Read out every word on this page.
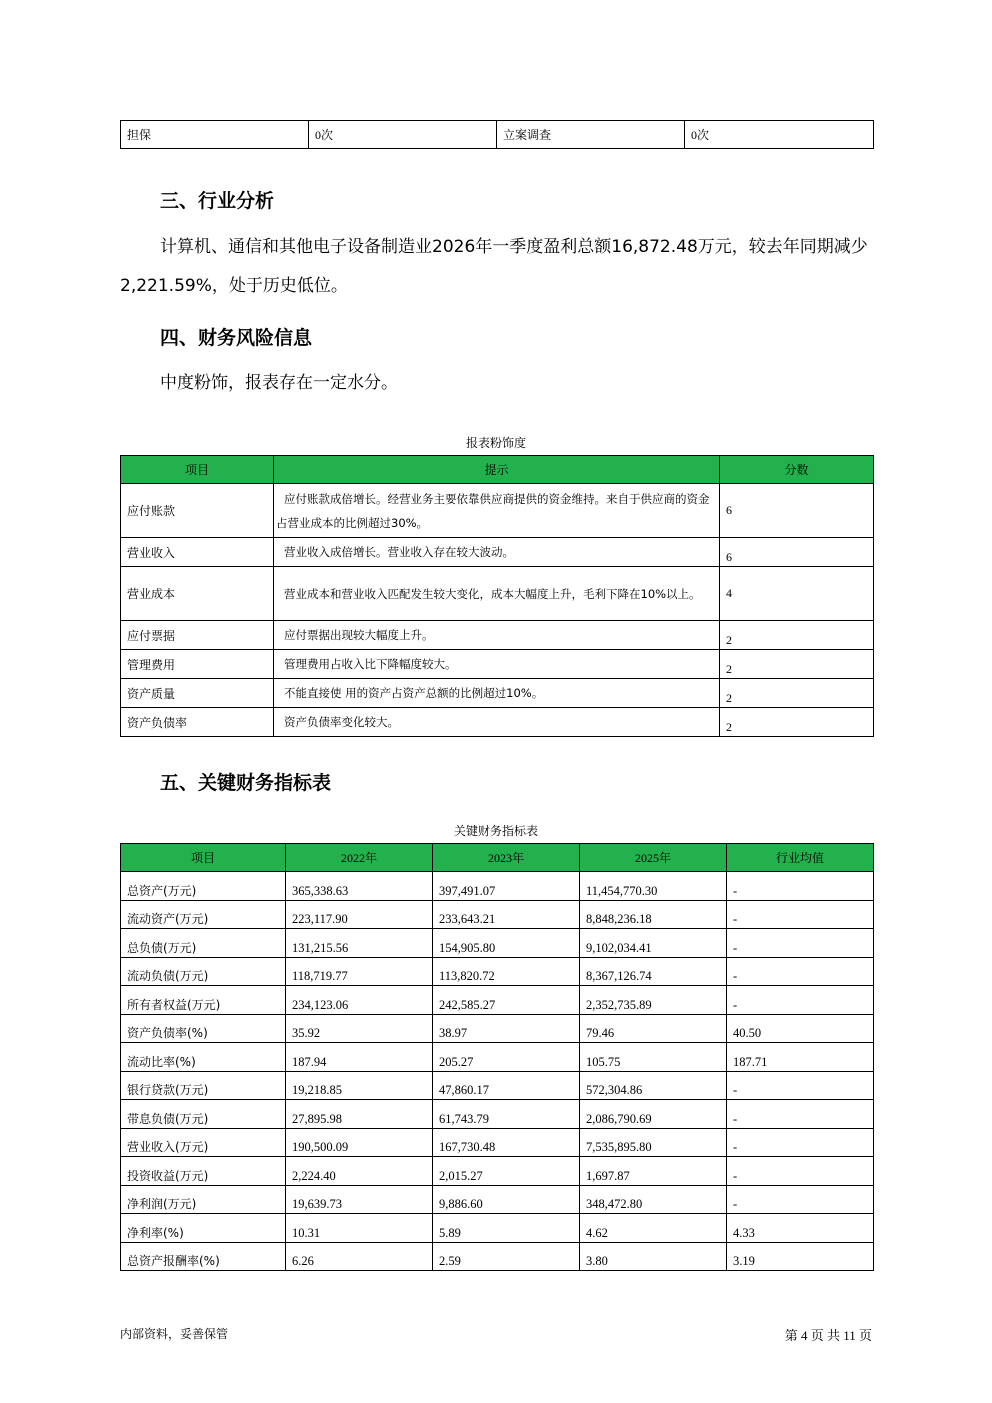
担保	0次	立案调查	0次
三、行业分析

计算机、通信和其他电子设备制造业2026年一季度盈利总额16,872.48万元，较去年同期减少2,221.59%，处于历史低位。

四、财务风险信息

中度粉饰，报表存在一定水分。

报表粉饰度
项目	提示	分数
应付账款	应付账款成倍增长。经营业务主要依靠供应商提供的资金维持。来自于供应商的资金占营业成本的比例超过30%。	6
营业收入	营业收入成倍增长。营业收入存在较大波动。	6
营业成本	营业成本和营业收入匹配发生较大变化，成本大幅度上升，毛利下降在10%以上。	4
应付票据	应付票据出现较大幅度上升。	2
管理费用	管理费用占收入比下降幅度较大。	2
资产质量	不能直接使 用的资产占资产总额的比例超过10%。	2
资产负债率	资产负债率变化较大。	2
五、关键财务指标表
关键财务指标表
项目	2022年	2023年	2025年	行业均值
总资产(万元)	365,338.63	397,491.07	11,454,770.30	-
流动资产(万元)	223,117.90	233,643.21	8,848,236.18	-
总负债(万元)	131,215.56	154,905.80	9,102,034.41	-
流动负债(万元)	118,719.77	113,820.72	8,367,126.74	-
所有者权益(万元)	234,123.06	242,585.27	2,352,735.89	-
资产负债率(%)	35.92	38.97	79.46	40.50
流动比率(%)	187.94	205.27	105.75	187.71
银行贷款(万元)	19,218.85	47,860.17	572,304.86	-
带息负债(万元)	27,895.98	61,743.79	2,086,790.69	-
营业收入(万元)	190,500.09	167,730.48	7,535,895.80	-
投资收益(万元)	2,224.40	2,015.27	1,697.87	-
净利润(万元)	19,639.73	9,886.60	348,472.80	-
净利率(%)	10.31	5.89	4.62	4.33
总资产报酬率(%)	6.26	2.59	3.80	3.19
内部资料，妥善保管	第 4 页 共 11 页
